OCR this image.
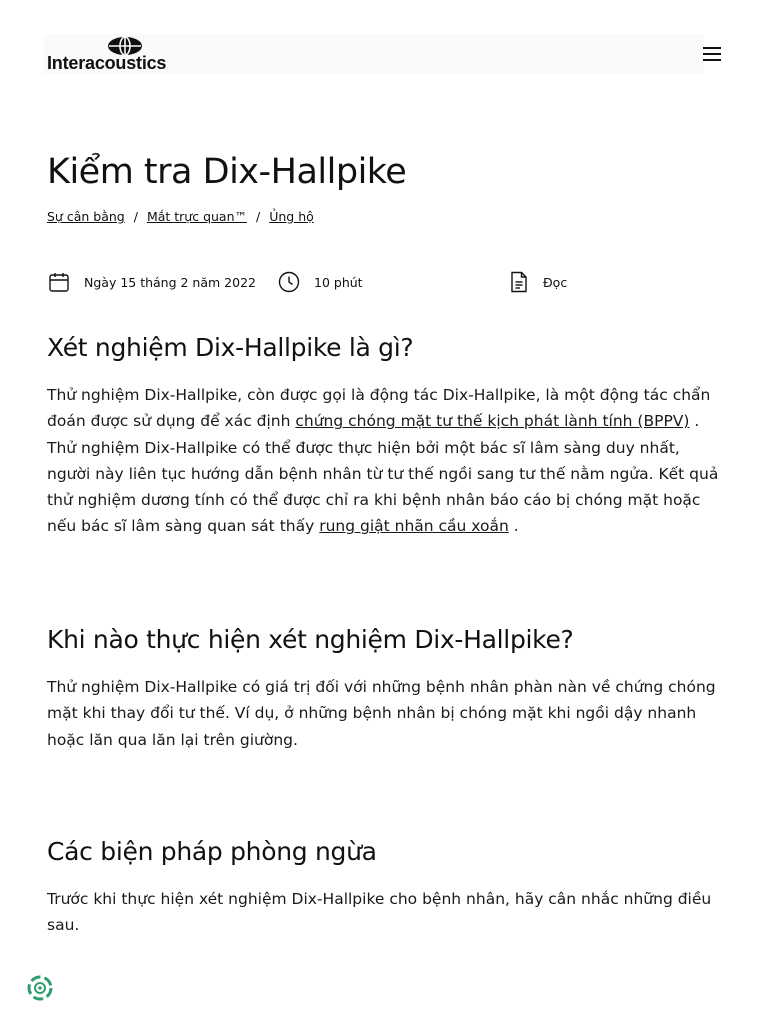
Interacoustics
Kiểm tra Dix-Hallpike
Sự cân bằng / Mắt trực quan™ / Ủng hộ
Ngày 15 tháng 2 năm 2022	10 phút	Đọc
Xét nghiệm Dix-Hallpike là gì?

Thử nghiệm Dix-Hallpike, còn được gọi là động tác Dix-Hallpike, là một động tác chẩn đoán được sử dụng để xác định chứng chóng mặt tư thế kịch phát lành tính (BPPV) . Thử nghiệm Dix-Hallpike có thể được thực hiện bởi một bác sĩ lâm sàng duy nhất, người này liên tục hướng dẫn bệnh nhân từ tư thế ngồi sang tư thế nằm ngửa. Kết quả thử nghiệm dương tính có thể được chỉ ra khi bệnh nhân báo cáo bị chóng mặt hoặc nếu bác sĩ lâm sàng quan sát thấy rung giật nhãn cầu xoắn .

Khi nào thực hiện xét nghiệm Dix-Hallpike?

Thử nghiệm Dix-Hallpike có giá trị đối với những bệnh nhân phàn nàn về chứng chóng mặt khi thay đổi tư thế. Ví dụ, ở những bệnh nhân bị chóng mặt khi ngồi dậy nhanh hoặc lăn qua lăn lại trên giường.

Các biện pháp phòng ngừa

Trước khi thực hiện xét nghiệm Dix-Hallpike cho bệnh nhân, hãy cân nhắc những điều sau.
